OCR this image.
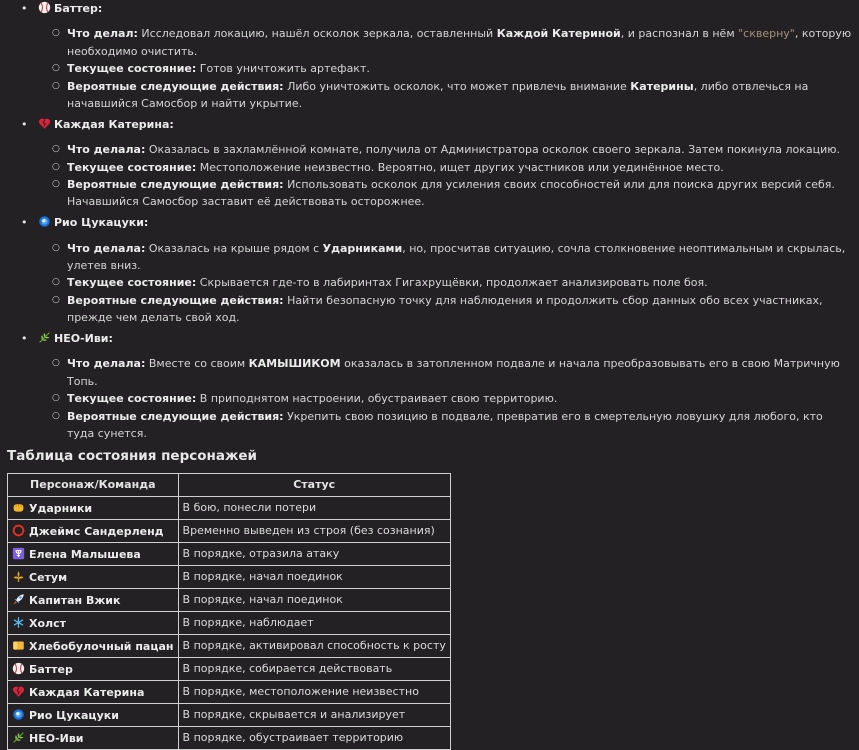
• Баттер:
○ Что делал: Исследовал локацию, нашёл осколок зеркала, оставленный Каждой Катериной, и распознал в нём "скверну", которую необходимо очистить.
○ Текущее состояние: Готов уничтожить артефакт.
○ Вероятные следующие действия: Либо уничтожить осколок, что может привлечь внимание Катерины, либо отвлечься на начавшийся Самосбор и найти укрытие.
• Каждая Катерина:
○ Что делала: Оказалась в захламлённой комнате, получила от Администратора осколок своего зеркала. Затем покинула локацию.
○ Текущее состояние: Местоположение неизвестно. Вероятно, ищет других участников или уединённое место.
○ Вероятные следующие действия: Использовать осколок для усиления своих способностей или для поиска других версий себя. Начавшийся Самосбор заставит её действовать осторожнее.
• Рио Цукацуки:
○ Что делала: Оказалась на крыше рядом с Ударниками, но, просчитав ситуацию, сочла столкновение неоптимальным и скрылась, улетев вниз.
○ Текущее состояние: Скрывается где-то в лабиринтах Гигахрущёвки, продолжает анализировать поле боя.
○ Вероятные следующие действия: Найти безопасную точку для наблюдения и продолжить сбор данных обо всех участниках, прежде чем делать свой ход.
• НЕО-Иви:
○ Что делала: Вместе со своим КАМЫШИКОМ оказалась в затопленном подвале и начала преобразовывать его в свою Матричную Топь.
○ Текущее состояние: В приподнятом настроении, обустраивает свою территорию.
○ Вероятные следующие действия: Укрепить свою позицию в подвале, превратив его в смертельную ловушку для любого, кто туда сунется.
Таблица состояния персонажей
Персонаж/Команда	Статус

Ударники	В бою, понесли потери

Джеймс Сандерленд	Временно выведен из строя (без сознания)

Елена Малышева	В порядке, отразила атаку

Сетум	В порядке, начал поединок

Капитан Вжик	В порядке, начал поединок

Холст	В порядке, наблюдает

Хлебобулочный пацан	В порядке, активировал способность к росту

Баттер	В порядке, собирается действовать

Каждая Катерина	В порядке, местоположение неизвестно

Рио Цукацуки	В порядке, скрывается и анализирует

НЕО-Иви	В порядке, обустраивает территорию
